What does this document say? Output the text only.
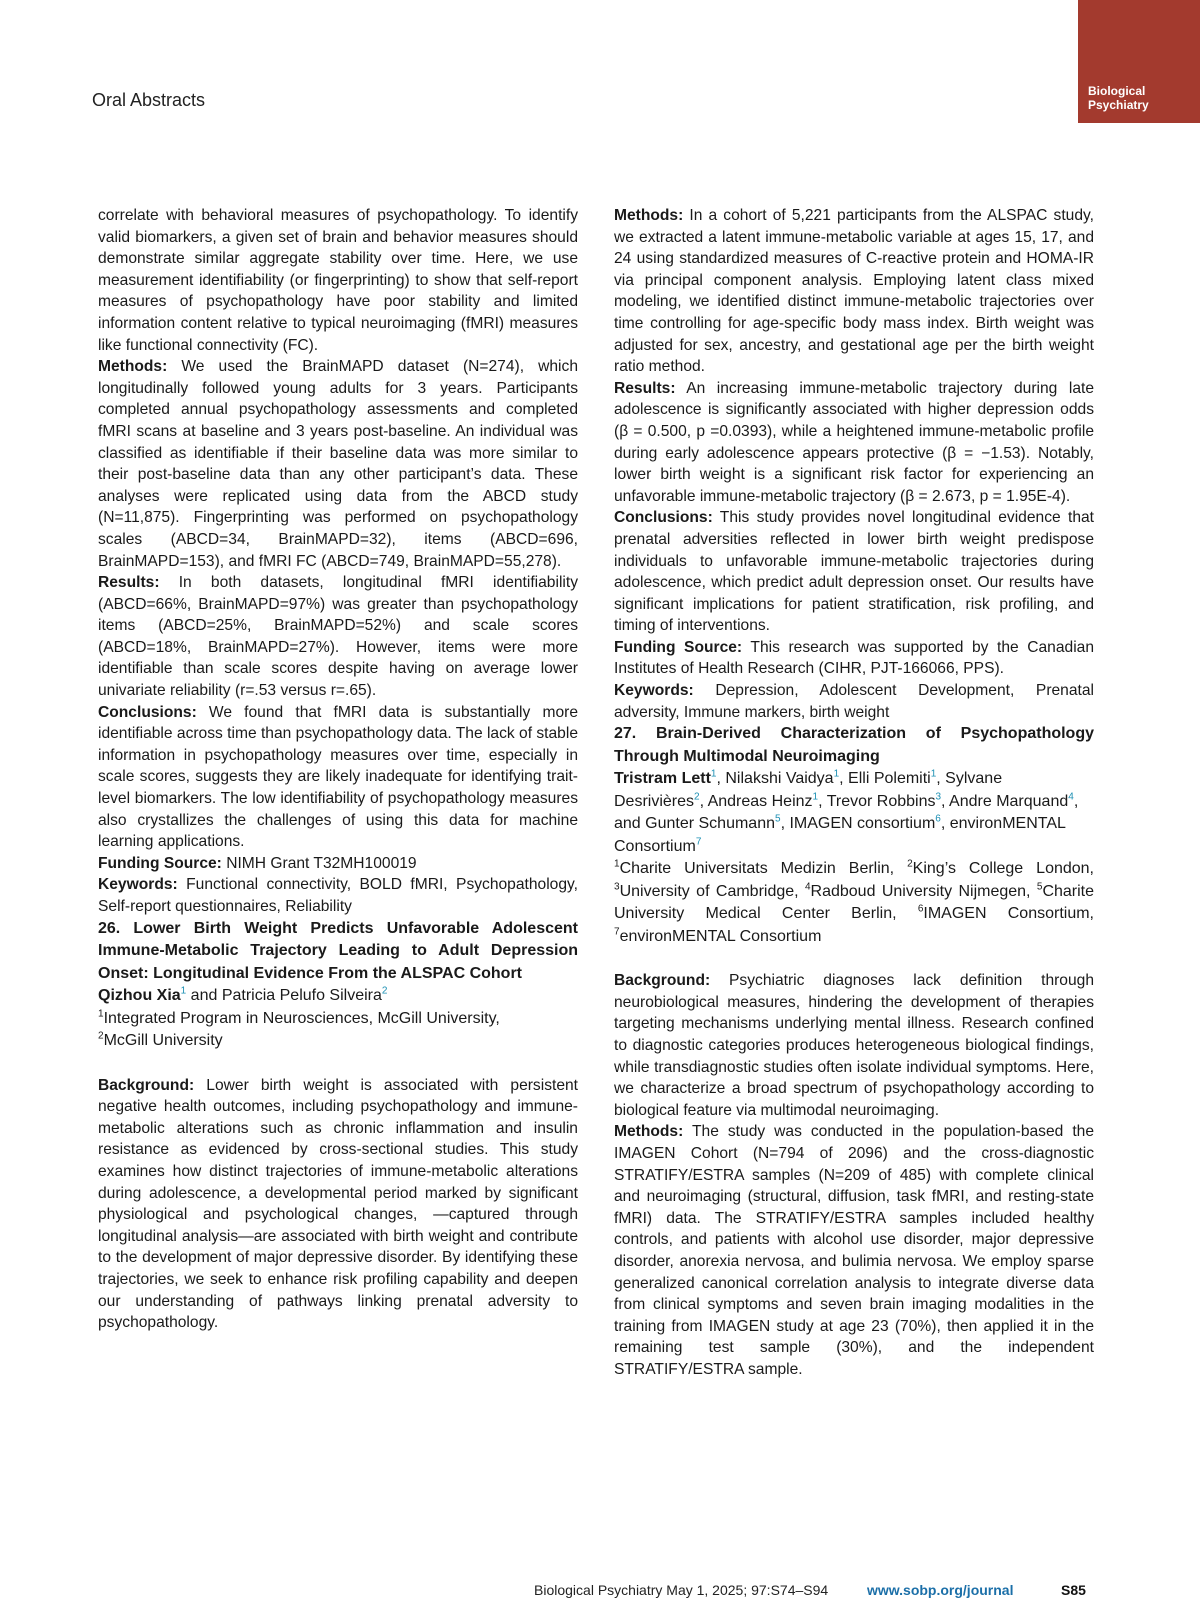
Oral Abstracts	Biological
Psychiatry

correlate with behavioral measures of psychopathology. To identify valid biomarkers, a given set of brain and behavior measures should demonstrate similar aggregate stability over time. Here, we use measurement identifiability (or fingerprinting) to show that self-report measures of psychopathology have poor stability and limited information content relative to typical neuroimaging (fMRI) measures like functional connectivity (FC).

Methods: We used the BrainMAPD dataset (N=274), which longitudinally followed young adults for 3 years. Participants completed annual psychopathology assessments and completed fMRI scans at baseline and 3 years post-baseline. An individual was classified as identifiable if their baseline data was more similar to their post-baseline data than any other participant’s data. These analyses were replicated using data from the ABCD study (N=11,875). Fingerprinting was performed on psychopathology scales (ABCD=34, BrainMAPD=32), items (ABCD=696, BrainMAPD=153), and fMRI FC (ABCD=749, BrainMAPD=55,278).

Results: In both datasets, longitudinal fMRI identifiability (ABCD=66%, BrainMAPD=97%) was greater than psychopathology items (ABCD=25%, BrainMAPD=52%) and scale scores (ABCD=18%, BrainMAPD=27%). However, items were more identifiable than scale scores despite having on average lower univariate reliability (r=.53 versus r=.65).

Conclusions: We found that fMRI data is substantially more identifiable across time than psychopathology data. The lack of stable information in psychopathology measures over time, especially in scale scores, suggests they are likely inadequate for identifying trait-level biomarkers. The low identifiability of psychopathology measures also crystallizes the challenges of using this data for machine learning applications.

Funding Source: NIMH Grant T32MH100019

Keywords: Functional connectivity, BOLD fMRI, Psychopathology, Self-report questionnaires, Reliability

26. Lower Birth Weight Predicts Unfavorable Adolescent Immune-Metabolic Trajectory Leading to Adult Depression Onset: Longitudinal Evidence From the ALSPAC Cohort

Qizhou Xia$^1$ and Patricia Pelufo Silveira$^2$

$^1$Integrated Program in Neurosciences, McGill University,
$^2$McGill University

Background: Lower birth weight is associated with persistent negative health outcomes, including psychopathology and immune-metabolic alterations such as chronic inflammation and insulin resistance as evidenced by cross-sectional studies. This study examines how distinct trajectories of immune-metabolic alterations during adolescence, a developmental period marked by significant physiological and psychological changes, —captured through longitudinal analysis—are associated with birth weight and contribute to the development of major depressive disorder. By identifying these trajectories, we seek to enhance risk profiling capability and deepen our understanding of pathways linking prenatal adversity to psychopathology.

Methods: In a cohort of 5,221 participants from the ALSPAC study, we extracted a latent immune-metabolic variable at ages 15, 17, and 24 using standardized measures of C-reactive protein and HOMA-IR via principal component analysis. Employing latent class mixed modeling, we identified distinct immune-metabolic trajectories over time controlling for age-specific body mass index. Birth weight was adjusted for sex, ancestry, and gestational age per the birth weight ratio method.

Results: An increasing immune-metabolic trajectory during late adolescence is significantly associated with higher depression odds (β = 0.500, p =0.0393), while a heightened immune-metabolic profile during early adolescence appears protective (β = −1.53). Notably, lower birth weight is a significant risk factor for experiencing an unfavorable immune-metabolic trajectory (β = 2.673, p = 1.95E-4).

Conclusions: This study provides novel longitudinal evidence that prenatal adversities reflected in lower birth weight predispose individuals to unfavorable immune-metabolic trajectories during adolescence, which predict adult depression onset. Our results have significant implications for patient stratification, risk profiling, and timing of interventions.

Funding Source: This research was supported by the Canadian Institutes of Health Research (CIHR, PJT-166066, PPS).

Keywords: Depression, Adolescent Development, Prenatal adversity, Immune markers, birth weight

27. Brain-Derived Characterization of Psychopathology Through Multimodal Neuroimaging

Tristram Lett$^1$, Nilakshi Vaidya$^1$, Elli Polemiti$^1$, Sylvane Desrivières$^2$, Andreas Heinz$^1$, Trevor Robbins$^3$, Andre Marquand$^4$, and Gunter Schumann$^5$, IMAGEN consortium$^6$, environMENTAL Consortium$^7$

$^1$Charite Universitats Medizin Berlin, $^2$King’s College London, $^3$University of Cambridge, $^4$Radboud University Nijmegen, $^5$Charite University Medical Center Berlin, $^6$IMAGEN Consortium, $^7$environMENTAL Consortium

Background: Psychiatric diagnoses lack definition through neurobiological measures, hindering the development of therapies targeting mechanisms underlying mental illness. Research confined to diagnostic categories produces heterogeneous biological findings, while transdiagnostic studies often isolate individual symptoms. Here, we characterize a broad spectrum of psychopathology according to biological feature via multimodal neuroimaging.

Methods: The study was conducted in the population-based the IMAGEN Cohort (N=794 of 2096) and the cross-diagnostic STRATIFY/ESTRA samples (N=209 of 485) with complete clinical and neuroimaging (structural, diffusion, task fMRI, and resting-state fMRI) data. The STRATIFY/ESTRA samples included healthy controls, and patients with alcohol use disorder, major depressive disorder, anorexia nervosa, and bulimia nervosa. We employ sparse generalized canonical correlation analysis to integrate diverse data from clinical symptoms and seven brain imaging modalities in the training from IMAGEN study at age 23 (70%), then applied it in the remaining test sample (30%), and the independent STRATIFY/ESTRA sample.

Biological Psychiatry May 1, 2025; 97:S74–S94	www.sobp.org/journal	S85
